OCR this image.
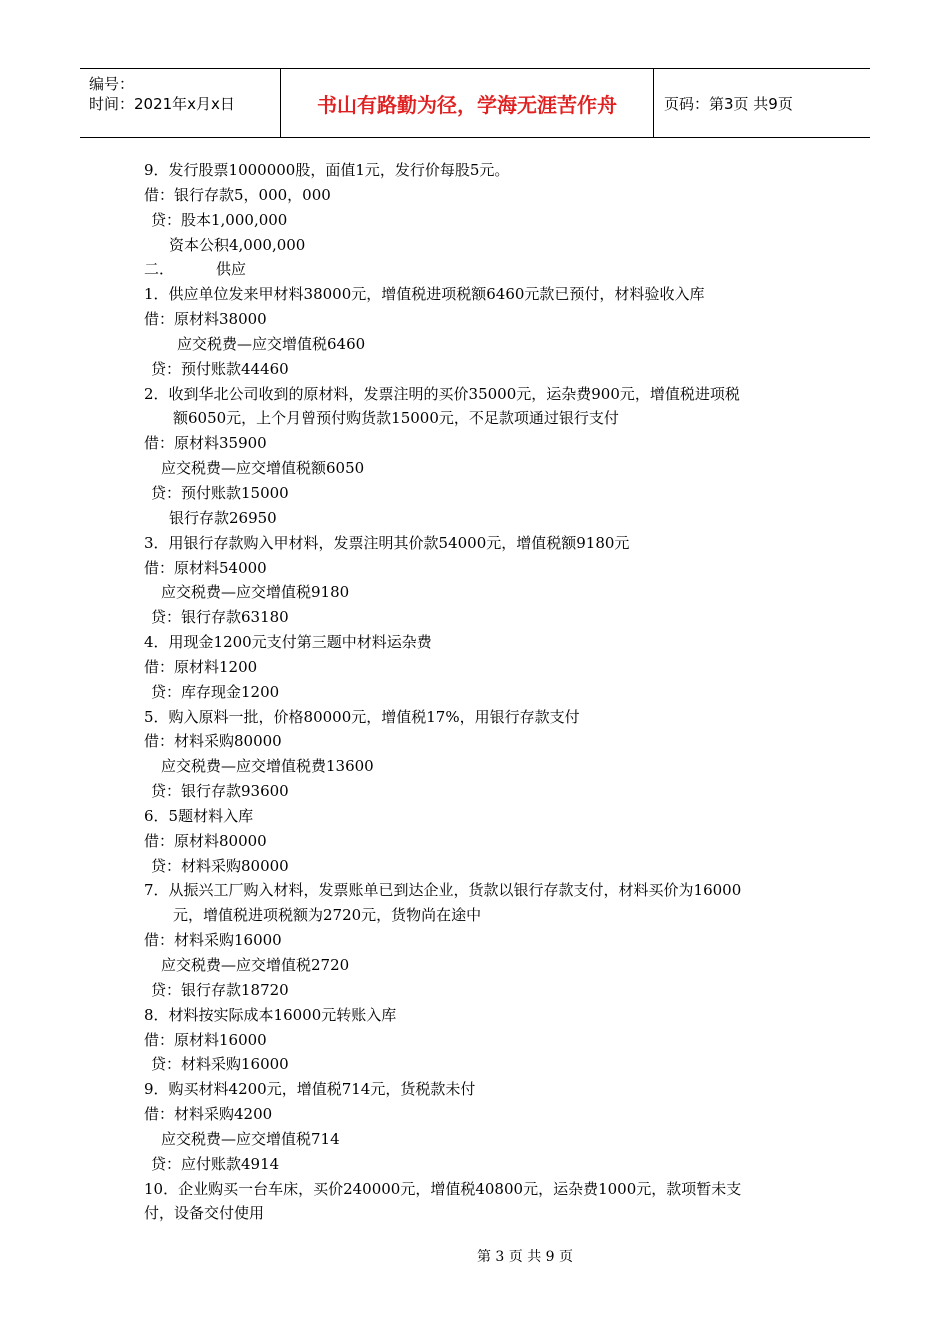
编号：
时间：2021年x月x日	书山有路勤为径，学海无涯苦作舟	页码：第3页 共9页
9．发行股票1000000股，面值1元，发行价每股5元。
借：银行存款5，000，000
贷：股本1,000,000
资本公积4,000,000
二．	供应
1．供应单位发来甲材料38000元，增值税进项税额6460元款已预付，材料验收入库
借：原材料38000
应交税费—应交增值税6460
贷：预付账款44460
2．收到华北公司收到的原材料，发票注明的买价35000元，运杂费900元，增值税进项税
额6050元，上个月曾预付购货款15000元，不足款项通过银行支付
借：原材料35900
应交税费—应交增值税额6050
贷：预付账款15000
银行存款26950
3．用银行存款购入甲材料，发票注明其价款54000元，增值税额9180元
借：原材料54000
应交税费—应交增值税9180
贷：银行存款63180
4．用现金1200元支付第三题中材料运杂费
借：原材料1200
贷：库存现金1200
5．购入原料一批，价格80000元，增值税17%，用银行存款支付
借：材料采购80000
应交税费—应交增值税费13600
贷：银行存款93600
6．5题材料入库
借：原材料80000
贷：材料采购80000
7．从振兴工厂购入材料，发票账单已到达企业，货款以银行存款支付，材料买价为16000
元，增值税进项税额为2720元，货物尚在途中
借：材料采购16000
应交税费—应交增值税2720
贷：银行存款18720
8．材料按实际成本16000元转账入库
借：原材料16000
贷：材料采购16000
9．购买材料4200元，增值税714元，货税款未付
借：材料采购4200
应交税费—应交增值税714
贷：应付账款4914
10．企业购买一台车床，买价240000元，增值税40800元，运杂费1000元，款项暂未支
付，设备交付使用
第 3 页 共 9 页
